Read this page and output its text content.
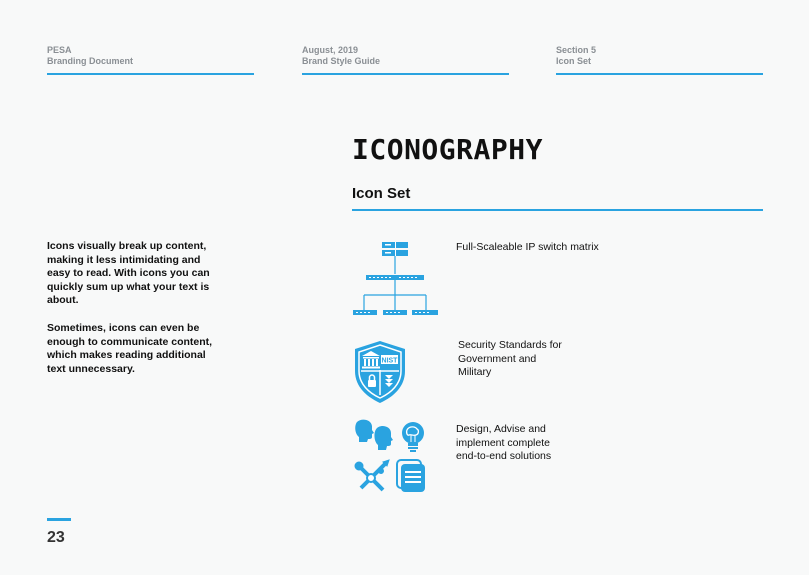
PESA
Branding Document
August, 2019
Brand Style Guide
Section 5
Icon Set
ICONOGRAPHY
Icon Set
Icons visually break up content, making it less intimidating and easy to read. With icons you can quickly sum up what your text is about.
Sometimes, icons can even be enough to communicate content, which makes reading additional text unnecessary.
Full-Scaleable IP switch matrix
NIST
Security Standards for Government and Military
Design, Advise and implement complete end-to-end solutions
23
